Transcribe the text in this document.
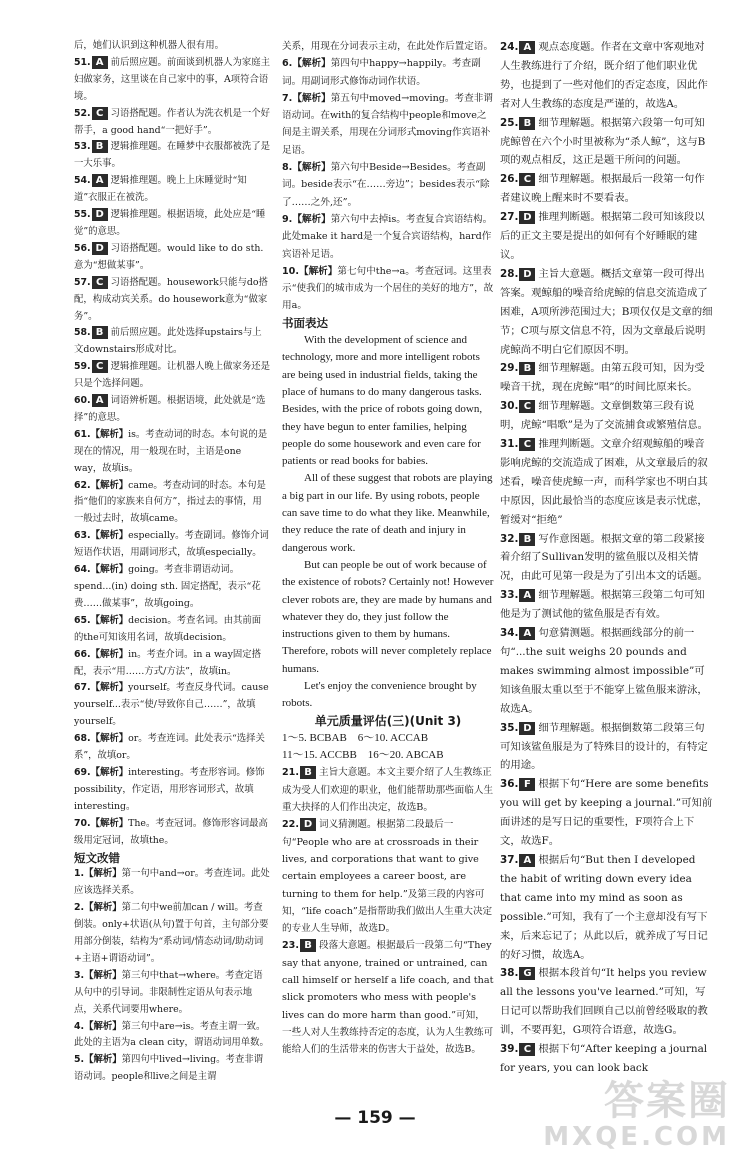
后，她们认识到这种机器人很有用。
51. A 前后照应题。前面谈到机器人为家庭主妇做家务，这里谈在自己家中的事，A项符合语境。
52. C 习语搭配题。作者认为洗衣机是一个好帮手，a good hand“一把好手”。
53. B 逻辑推理题。在睡梦中衣服都被洗了是一大乐事。
54. A 逻辑推理题。晚上上床睡觉时“知道”衣服正在被洗。
55. D 逻辑推理题。根据语境，此处应是“睡觉”的意思。
56. D 习语搭配题。would like to do sth. 意为“想做某事”。
57. C 习语搭配题。housework只能与do搭配，构成动宾关系。do housework意为“做家务”。
58. B 前后照应题。此处选择upstairs与上文downstairs形成对比。
59. C 逻辑推理题。让机器人晚上做家务还是只是个选择问题。
60. A 词语辨析题。根据语境，此处就是“选择”的意思。
61.【解析】is。考查动词的时态。本句说的是现在的情况，用一般现在时，主语是one way，故填is。
62.【解析】came。考查动词的时态。本句是指“他们的家族来自何方”，指过去的事情，用一般过去时，故填came。
63.【解析】especially。考查副词。修饰介词短语作状语，用副词形式，故填especially。
64.【解析】going。考查非谓语动词。spend...(in) doing sth. 固定搭配，表示“花费……做某事”，故填going。
65.【解析】decision。考查名词。由其前面的the可知该用名词，故填decision。
66.【解析】in。考查介词。in a way固定搭配，表示“用……方式/方法”，故填in。
67.【解析】yourself。考查反身代词。cause yourself...表示“使/导致你自己……”，故填yourself。
68.【解析】or。考查连词。此处表示“选择关系”，故填or。
69.【解析】interesting。考查形容词。修饰possibility，作定语，用形容词形式，故填interesting。
70.【解析】The。考查冠词。修饰形容词最高级用定冠词，故填the。
短文改错
1.【解析】第一句中and→or。考查连词。此处应该选择关系。
2.【解析】第二句中we前加can / will。考查倒装。only+状语(从句)置于句首，主句部分要用部分倒装，结构为“系动词/情态动词/助动词+主语+谓语动词”。
3.【解析】第三句中that→where。考查定语从句中的引导词。非限制性定语从句表示地点，关系代词要用where。
4.【解析】第三句中are→is。考查主谓一致。此处的主语为a clean city，谓语动词用单数。
5.【解析】第四句中lived→living。考查非谓语动词。people和live之间是主谓
关系，用现在分词表示主动，在此处作后置定语。
6.【解析】第四句中happy→happily。考查副词。用副词形式修饰动词作状语。
7.【解析】第五句中moved→moving。考查非谓语动词。在with的复合结构中people和move之间是主谓关系，用现在分词形式moving作宾语补足语。
8.【解析】第六句中Beside→Besides。考查副词。beside表示“在……旁边”；besides表示“除了……之外,还”。
9.【解析】第六句中去掉is。考查复合宾语结构。此处make it hard是一个复合宾语结构，hard作宾语补足语。
10.【解析】第七句中the→a。考查冠词。这里表示“使我们的城市成为一个居住的美好的地方”，故用a。
书面表达

With the development of science and technology, more and more intelligent robots are being used in industrial fields, taking the place of humans to do many dangerous tasks. Besides, with the price of robots going down, they have begun to enter families, helping people do some housework and even care for patients or read books for babies.

All of these suggest that robots are playing a big part in our life. By using robots, people can save time to do what they like. Meanwhile, they reduce the rate of death and injury in dangerous work.

But can people be out of work because of the existence of robots? Certainly not! However clever robots are, they are made by humans and whatever they do, they just follow the instructions given to them by humans. Therefore, robots will never completely replace humans.

Let's enjoy the convenience brought by robots.

单元质量评估(三)(Unit 3)
1～5. BCBAB　6～10. ACCAB
11～15. ACCBB　16～20. ABCAB
21. B 主旨大意题。本文主要介绍了人生教练正成为受人们欢迎的职业，他们能帮助那些面临人生重大抉择的人们作出决定，故选B。
22. D 词义猜测题。根据第二段最后一句“People who are at crossroads in their lives, and corporations that want to give certain employees a career boost, are turning to them for help.”及第三段的内容可知，“life coach”是指帮助我们做出人生重大决定的专业人生导师，故选D。
23. B 段落大意题。根据最后一段第二句“They say that anyone, trained or untrained, can call himself or herself a life coach, and that slick promoters who mess with people's lives can do more harm than good.”可知，一些人对人生教练持否定的态度，认为人生教练可能给人们的生活带来的伤害大于益处，故选B。
24. A 观点态度题。作者在文章中客观地对人生教练进行了介绍，既介绍了他们职业优势，也提到了一些对他们的否定态度，因此作者对人生教练的态度是严谨的，故选A。
25. B 细节理解题。根据第六段第一句可知虎鲸曾在六个小时里被称为“杀人鲸”，这与B项的观点相反，这正是题干所问的问题。
26. C 细节理解题。根据最后一段第一句作者建议晚上醒来时不要看表。
27. D 推理判断题。根据第二段可知该段以后的正文主要是提出的如何有个好睡眠的建议。
28. D 主旨大意题。概括文章第一段可得出答案。观鲸船的噪音给虎鲸的信息交流造成了困难，A项所涉范围过大；B项仅仅是文章的细节；C项与原文信息不符，因为文章最后说明虎鲸尚不明白它们原因不明。
29. B 细节理解题。由第五段可知，因为受噪音干扰，现在虎鲸“唱”的时间比原来长。
30. C 细节理解题。文章倒数第三段有说明，虎鲸“唱歌”是为了交流捕食或繁殖信息。
31. C 推理判断题。文章介绍观鲸船的噪音影响虎鲸的交流造成了困难，从文章最后的叙述看，噪音使虎鲸一声，而科学家也不明白其中原因，因此最恰当的态度应该是表示忧虑，暂缓对“拒绝”
32. B 写作意图题。根据文章的第二段紧接着介绍了Sullivan发明的鲨鱼服以及相关情况，由此可见第一段是为了引出本文的话题。
33. A 细节理解题。根据第三段第二句可知他是为了测试他的鲨鱼服是否有效。
34. A 句意猜测题。根据画线部分的前一句“...the suit weighs 20 pounds and makes swimming almost impossible”可知该鱼服太重以至于不能穿上鲨鱼服来游泳，故选A。
35. D 细节理解题。根据倒数第二段第三句可知该鲨鱼服是为了特殊目的设计的，有特定的用途。
36. F 根据下句“Here are some benefits you will get by keeping a journal.”可知前面讲述的是写日记的重要性，F项符合上下文，故选F。
37. A 根据后句“But then I developed the habit of writing down every idea that came into my mind as soon as possible.”可知，我有了一个主意却没有写下来，后来忘记了；从此以后，就养成了写日记的好习惯，故选A。
38. G 根据本段首句“It helps you review all the lessons you've learned.”可知，写日记可以帮助我们回顾自己以前曾经吸取的教训，不要再犯，G项符合语意，故选G。
39. C 根据下句“After keeping a journal for years, you can look back
— 159 —	答案圈
MXQE.COM
